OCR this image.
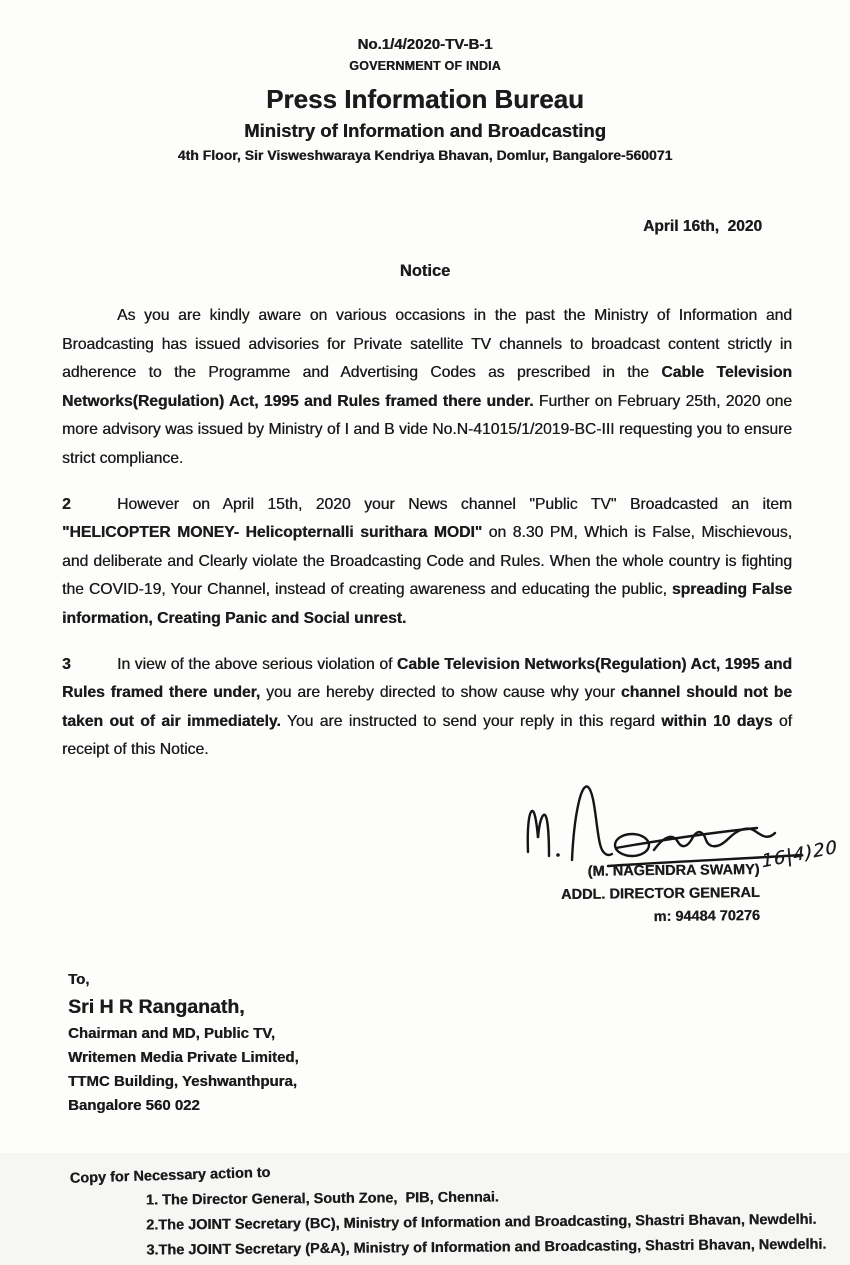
No.1/4/2020-TV-B-1
GOVERNMENT OF INDIA
Press Information Bureau
Ministry of Information and Broadcasting
4th Floor, Sir Visweshwaraya Kendriya Bhavan, Domlur, Bangalore-560071
April 16th,  2020
Notice

As you are kindly aware on various occasions in the past the Ministry of Information and Broadcasting has issued advisories for Private satellite TV channels to broadcast content strictly in adherence to the Programme and Advertising Codes as prescribed in the Cable Television Networks(Regulation) Act, 1995 and Rules framed there under. Further on February 25th, 2020 one more advisory was issued by Ministry of I and B vide No.N-41015/1/2019-BC-III requesting you to ensure strict compliance.

2	However on April 15th, 2020 your News channel "Public TV" Broadcasted an item "HELICOPTER MONEY- Helicopternalli surithara MODI" on 8.30 PM, Which is False, Mischievous, and deliberate and Clearly violate the Broadcasting Code and Rules. When the whole country is fighting the COVID-19, Your Channel, instead of creating awareness and educating the public, spreading False information, Creating Panic and Social unrest.

3	In view of the above serious violation of Cable Television Networks(Regulation) Act, 1995 and Rules framed there under, you are hereby directed to show cause why your channel should not be taken out of air immediately. You are instructed to send your reply in this regard within 10 days of receipt of this Notice.

16|4)20
(M. NAGENDRA SWAMY)
ADDL. DIRECTOR GENERAL
m: 94484 70276
To,
Sri H R Ranganath,
Chairman and MD, Public TV,
Writemen Media Private Limited,
TTMC Building, Yeshwanthpura,
Bangalore 560 022
Copy for Necessary action to
1. The Director General, South Zone,  PIB, Chennai.
2.The JOINT Secretary (BC), Ministry of Information and Broadcasting, Shastri Bhavan, Newdelhi.
3.The JOINT Secretary (P&A), Ministry of Information and Broadcasting, Shastri Bhavan, Newdelhi.
